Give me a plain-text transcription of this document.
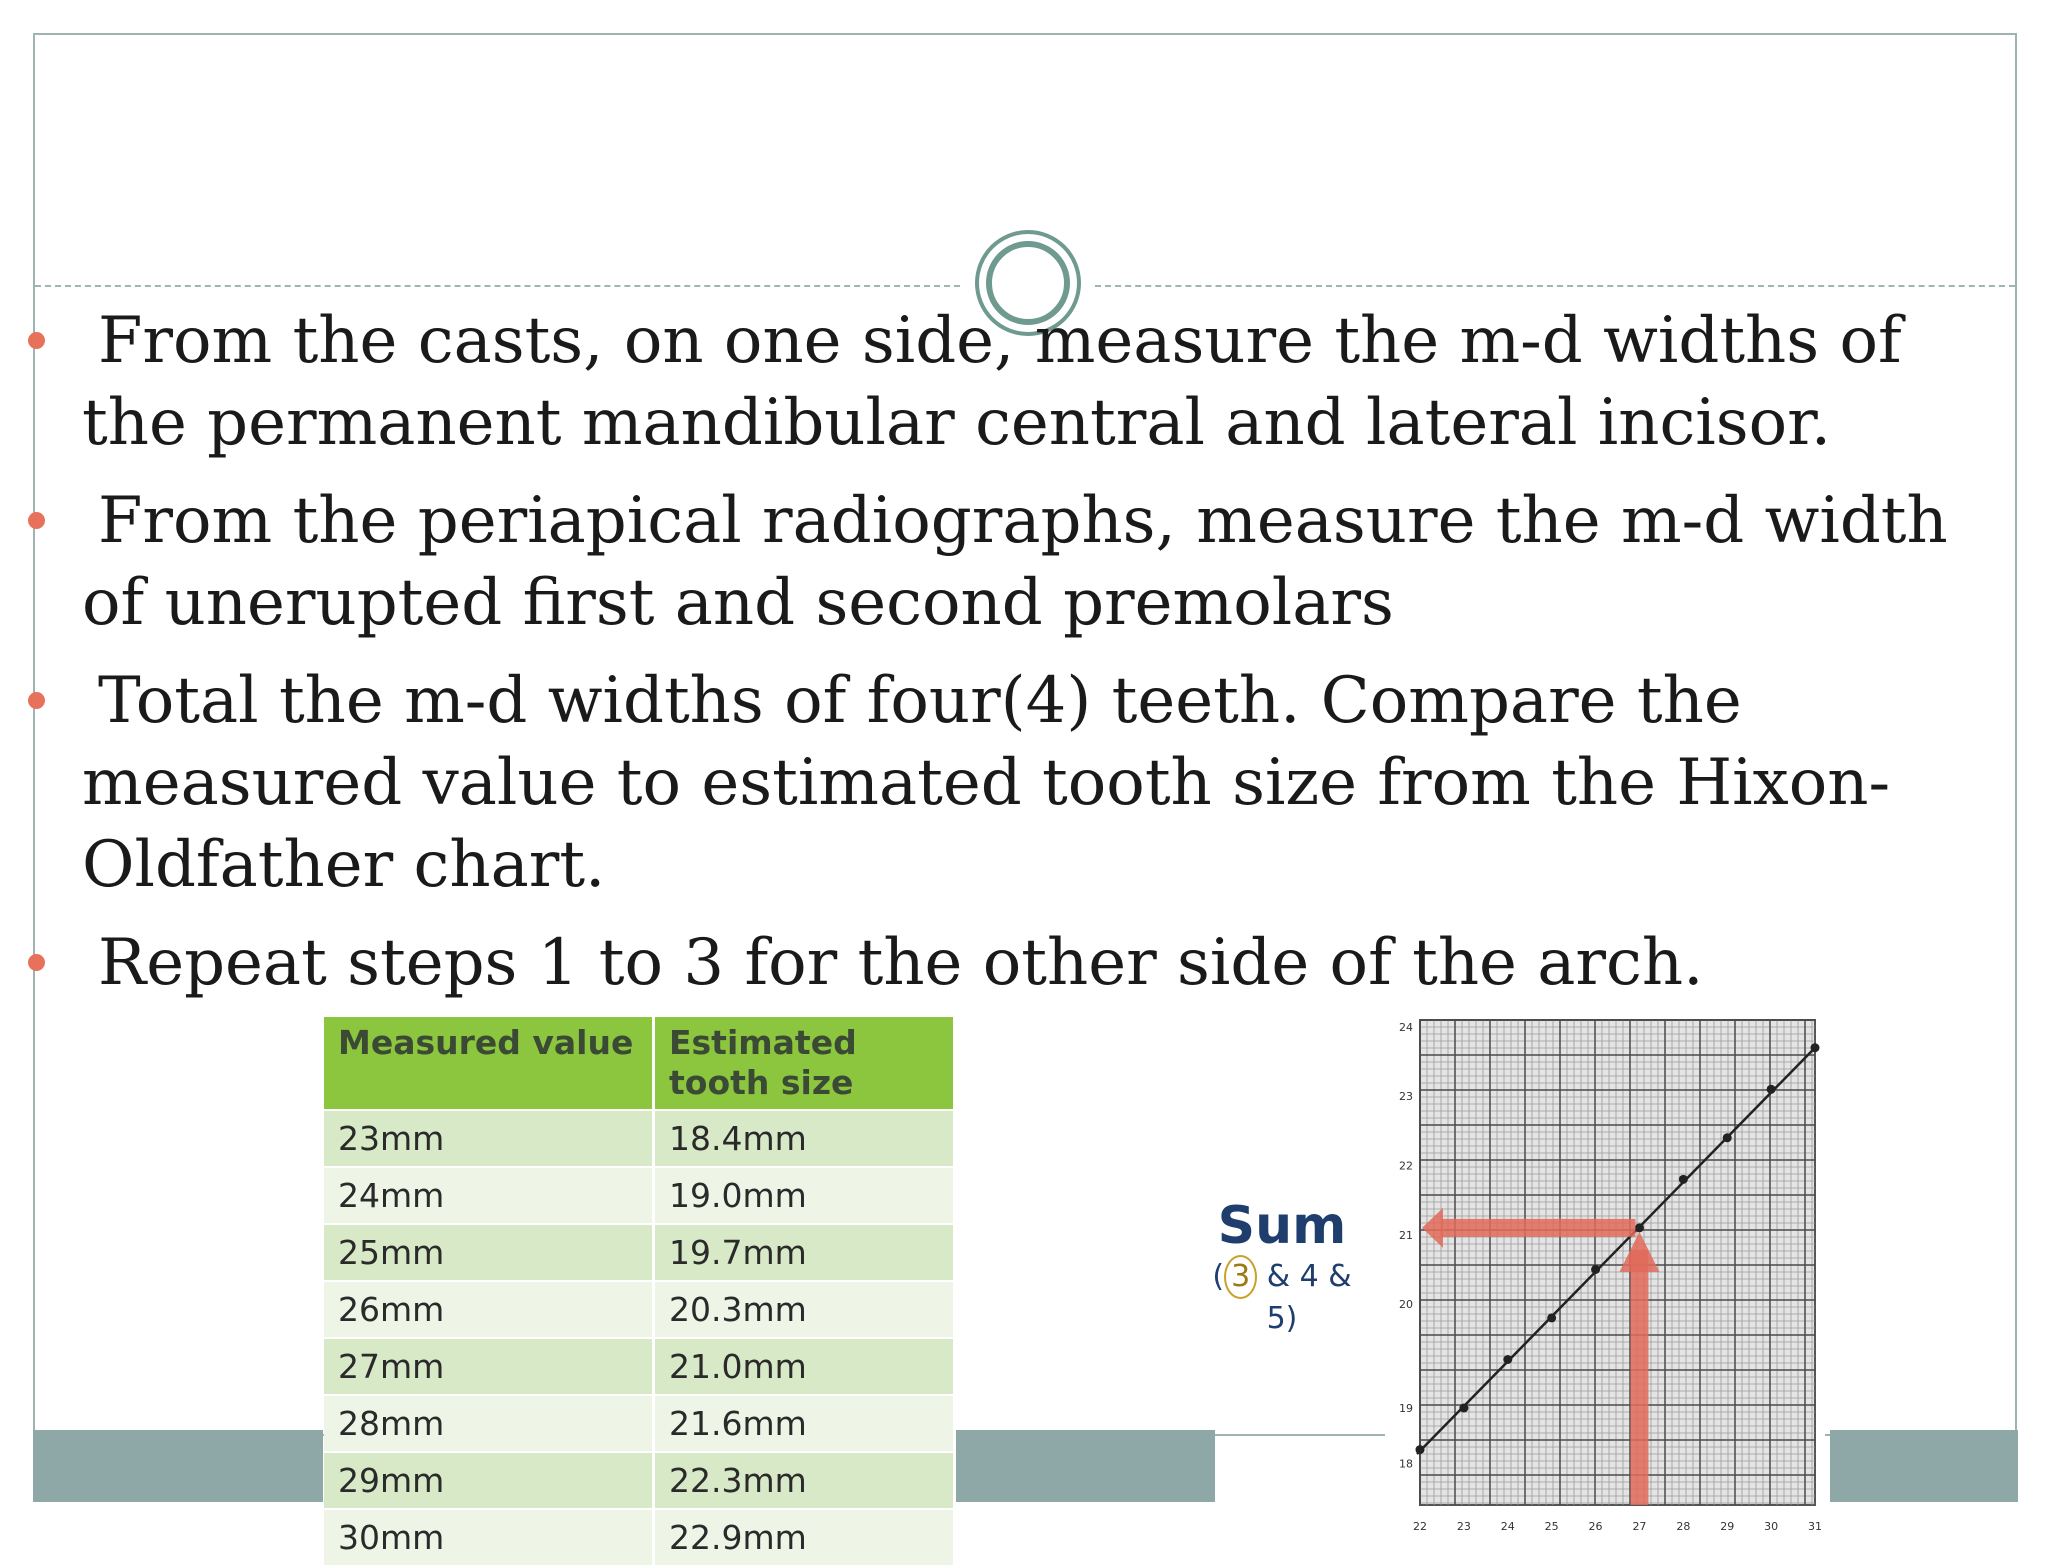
From the casts, on one side, measure the m-d widths of the permanent mandibular central and lateral incisor.
From the periapical radiographs, measure the m-d width of unerupted first and second premolars
Total the m-d widths of four(4) teeth. Compare the measured value to estimated tooth size from the Hixon-Oldfather chart.
Repeat steps 1 to 3 for the other side of the arch.
Measured value	Estimated tooth size
23mm	18.4mm
24mm	19.0mm
25mm	19.7mm
26mm	20.3mm
27mm	21.0mm
28mm	21.6mm
29mm	22.3mm
30mm	22.9mm
Sum
( 3 & 4 & 5)
22	23	24	25	26	27	28	29	30	31
19
18
20
21
22
23
24
